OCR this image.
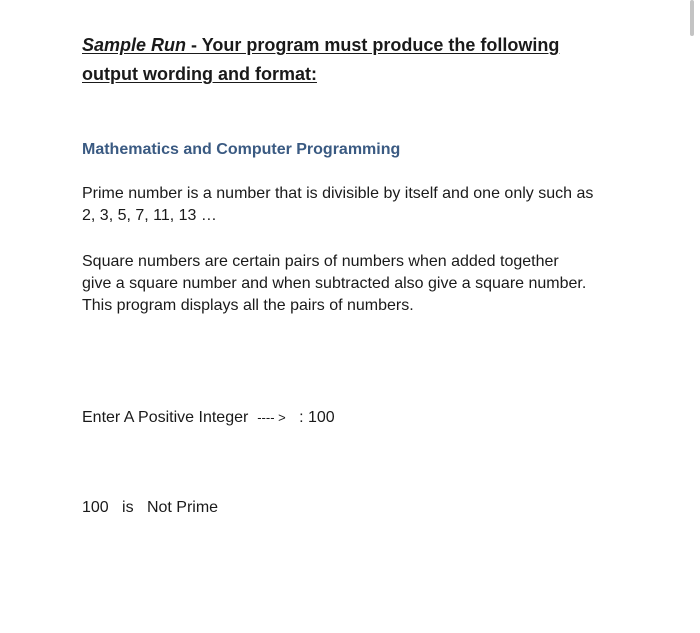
Sample Run - Your program must produce the following
output wording and format:
Mathematics and Computer Programming
Prime number is a number that is divisible by itself and one only such as
2, 3, 5, 7, 11, 13 …
Square numbers are certain pairs of numbers when added together
give a square number and when subtracted also give a square number.
This program displays all the pairs of numbers.
Enter A Positive Integer ---- > : 100
100 is Not Prime
